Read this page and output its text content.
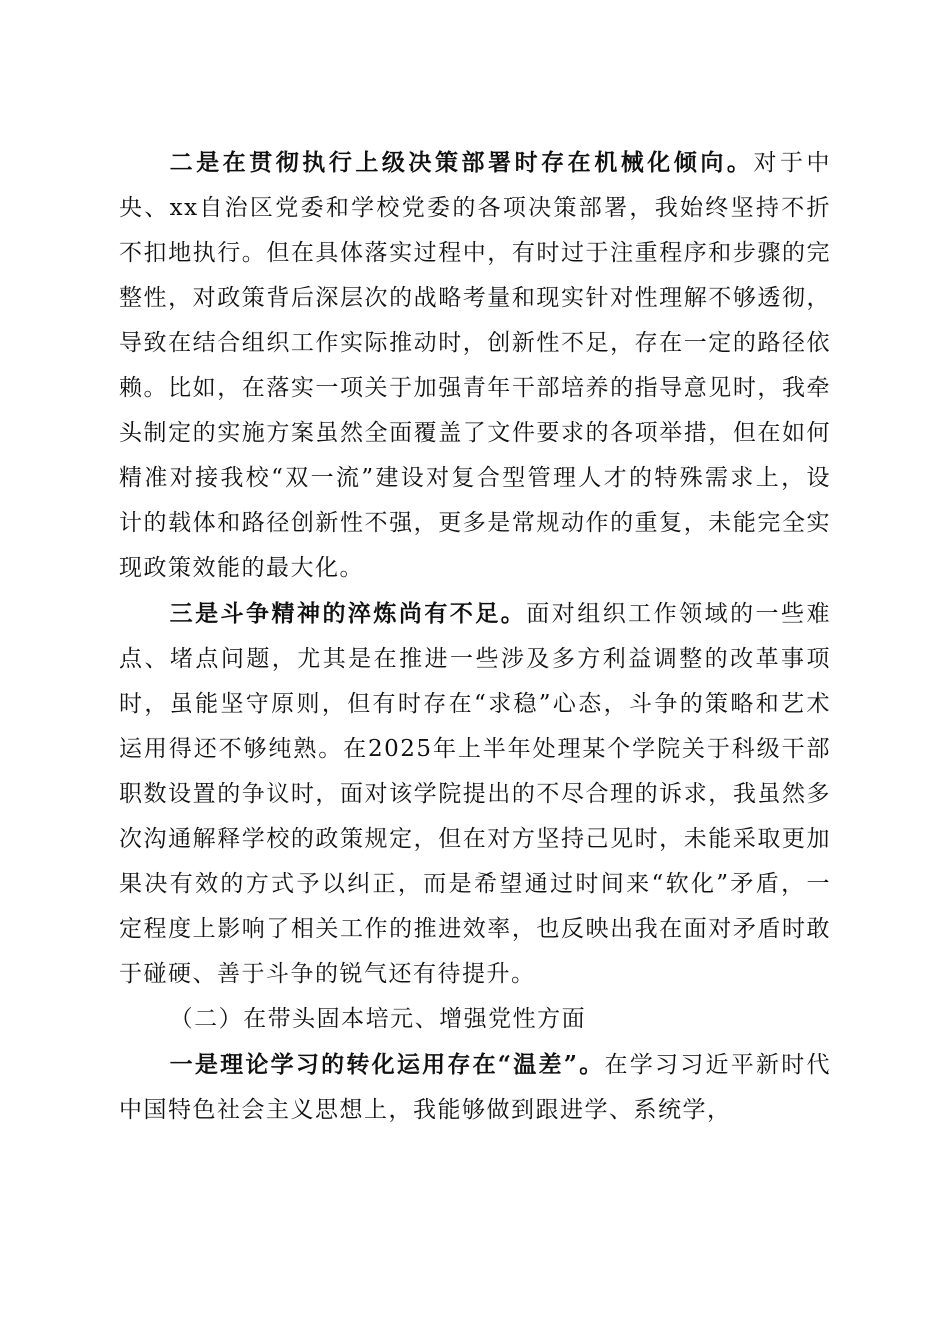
二是在贯彻执行上级决策部署时存在机械化倾向。对于中央、xx自治区党委和学校党委的各项决策部署，我始终坚持不折不扣地执行。但在具体落实过程中，有时过于注重程序和步骤的完整性，对政策背后深层次的战略考量和现实针对性理解不够透彻，导致在结合组织工作实际推动时，创新性不足，存在一定的路径依赖。比如，在落实一项关于加强青年干部培养的指导意见时，我牵头制定的实施方案虽然全面覆盖了文件要求的各项举措，但在如何精准对接我校“双一流”建设对复合型管理人才的特殊需求上，设计的载体和路径创新性不强，更多是常规动作的重复，未能完全实现政策效能的最大化。

三是斗争精神的淬炼尚有不足。面对组织工作领域的一些难点、堵点问题，尤其是在推进一些涉及多方利益调整的改革事项时，虽能坚守原则，但有时存在“求稳”心态，斗争的策略和艺术运用得还不够纯熟。在2025年上半年处理某个学院关于科级干部职数设置的争议时，面对该学院提出的不尽合理的诉求，我虽然多次沟通解释学校的政策规定，但在对方坚持己见时，未能采取更加果决有效的方式予以纠正，而是希望通过时间来“软化”矛盾，一定程度上影响了相关工作的推进效率，也反映出我在面对矛盾时敢于碰硬、善于斗争的锐气还有待提升。

（二）在带头固本培元、增强党性方面

一是理论学习的转化运用存在“温差”。在学习习近平新时代中国特色社会主义思想上，我能够做到跟进学、系统学，
